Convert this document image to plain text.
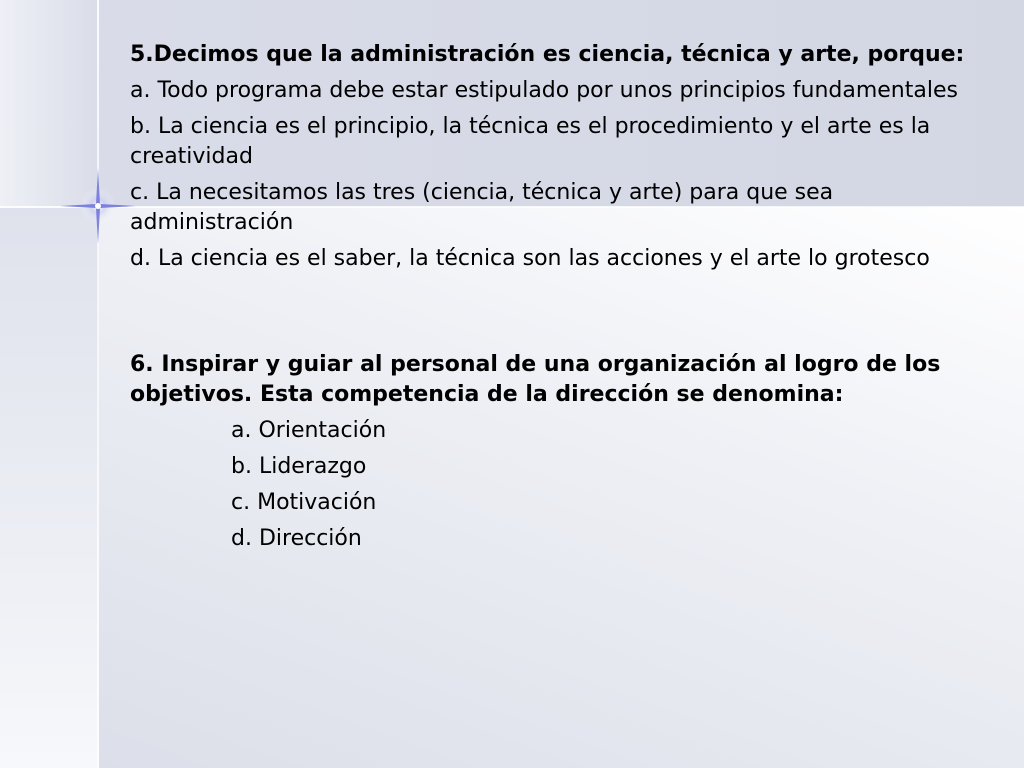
5.Decimos que la administración es ciencia, técnica y arte, porque:

a. Todo programa debe estar estipulado por unos principios fundamentales

b. La ciencia es el principio, la técnica es el procedimiento y el arte es la creatividad

c. La necesitamos las tres (ciencia, técnica y arte) para que sea administración

d. La ciencia es el saber, la técnica son las acciones y el arte lo grotesco

6. Inspirar y guiar al personal de una organización al logro de los objetivos. Esta competencia de la dirección se denomina:

a. Orientación

b. Liderazgo

c. Motivación

d. Dirección
